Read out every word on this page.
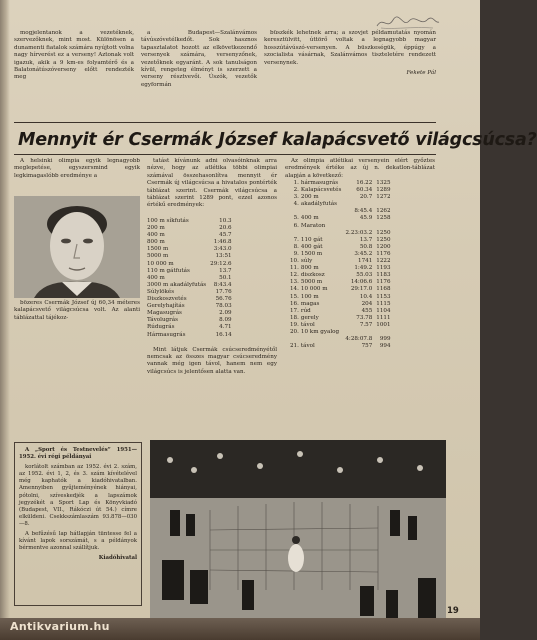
mogjelentanok a vezetéknek, szervezőknek, mint most. Különösen a dunamenti fiatalok számára nyújtott volna nagy hírverést ez a verseny! Aztonak volt igazuk, akik a 9 km-es folyamtérő és a Balatonátúszóverseny előtt rendezték meg

a Budapest—Szalánvámos távúszóvetélkedőt. Sok hasznos tapasztalatot hozott az elkövetkezendő versenyek számára, versenyzőnek, vezetőknek egyaránt. A sok tanulságon kívül, rengeteg élményt is szerzett a verseny résztvevői. Úszók, vezetők egyformán

büszkék lehetnek arra; a szovjet példamutatás nyomán keresztülvitt, úttörő voltak a legnagyobb magyar hosszútávúszó-versenyen. A büszkeségük, éppúgy a szocialista vásárnak, Szalánvámos tiszteletére rendezett versenynek.

Fekete Pál
Mennyit ér Csermák József kalapácsvető világcsúcsa?

A helsinki olimpia egyik legnagyobb meglepetése, egyszersmind egyik legkimagaslóbb eredménye a

bözeres Csermák József új 60,34 méteres kalapácsvető világcsúcsa volt. Az alanti táblázattal tájékoz-

tatást kívánunk adni olvasóinknak arra nézve, hogy az atlétika többi olimpiai számával összehasonlítva mennyit ér Csermák új világcsúcsa a hivatalos pontérték táblázat szerint. Csermák világcsúcsa a táblázat szerint 1289 pont, ezzel azonos értékű eredmények:

100 m síkfutás	10.3
200 m	20.6
400 m	45.7
800 m	1:46.8
1500 m	3:43.0
5000 m	13:51
10 000 m	29:12.6
110 m gátfutás	13.7
400 m	50.1
3000 m akadályfutás	8:43.4
Súlylökés	17.76
Diszkoszvetés	56.76
Gerelyhajítás	78.03
Magasugrás	2.09
Távolugrás	8.09
Rúdugrás	4.71
Hármasugrás	16.14

Mint látjuk Csermák csúcseredményétől nemcsak az összes magyar csúcseredmény vannak még igen távol, hanem nem egy világcsúcs is jelentősen alatta van.

Az olimpia atlétikai versenyein elért győztes eredmények értéke az új n. dekatlon-táblázat alapján a következő:

1.	hármasugrás	16.22	1325
2.	Kalapácsvetés	60.34	1289
3.	200 m	20.7	1272
4.	akadályfutás		
		8:45.4	1262
5.	400 m	45.9	1258
6.	Maraton		
		2.23:03.2	1250
7.	110 gát	13.7	1250
8.	400 gát	50.8	1200
9.	1500 m	3:45.2	1176
10.	súly	1741	1222
11.	800 m	1:49.2	1193
12.	diszkosz	55.03	1183
13.	5000 m	14:06.6	1176
14.	10 000 m	29:17.0	1168
15.	100 m	10.4	1153
16.	magas	204	1115
17.	rúd	455	1104
18.	gerely	73.78	1111
19.	távol	7.57	1001
20.	10 km gyalog		
		4:28:07.8	999
21.	távol	757	994

A „Sport és Testnevelés” 1951—1952. évi régi példányai

korlátolt számban az 1952. évi 2. szám, az 1952. évi 1, 2, és 3. szám kívételével még kaphatók a kiadóhivatalban. Amennyiben gyűjteményének hiányai, pótolni, szíveskedjék a lapszámok jegyzékét a Sport Lap és Könyvkiadó (Budapest, VII., Rákóczi út 54.) címre elküldeni. Csekkszámlaszám 93.878—030—8.

A befűzésű lap hátlapján tüntesse fel a kívánt lapok sorszámát, s a példányok bérmentve azonnal szállítjuk.

Kiadóhivatal
19
Antikvarium.hu
